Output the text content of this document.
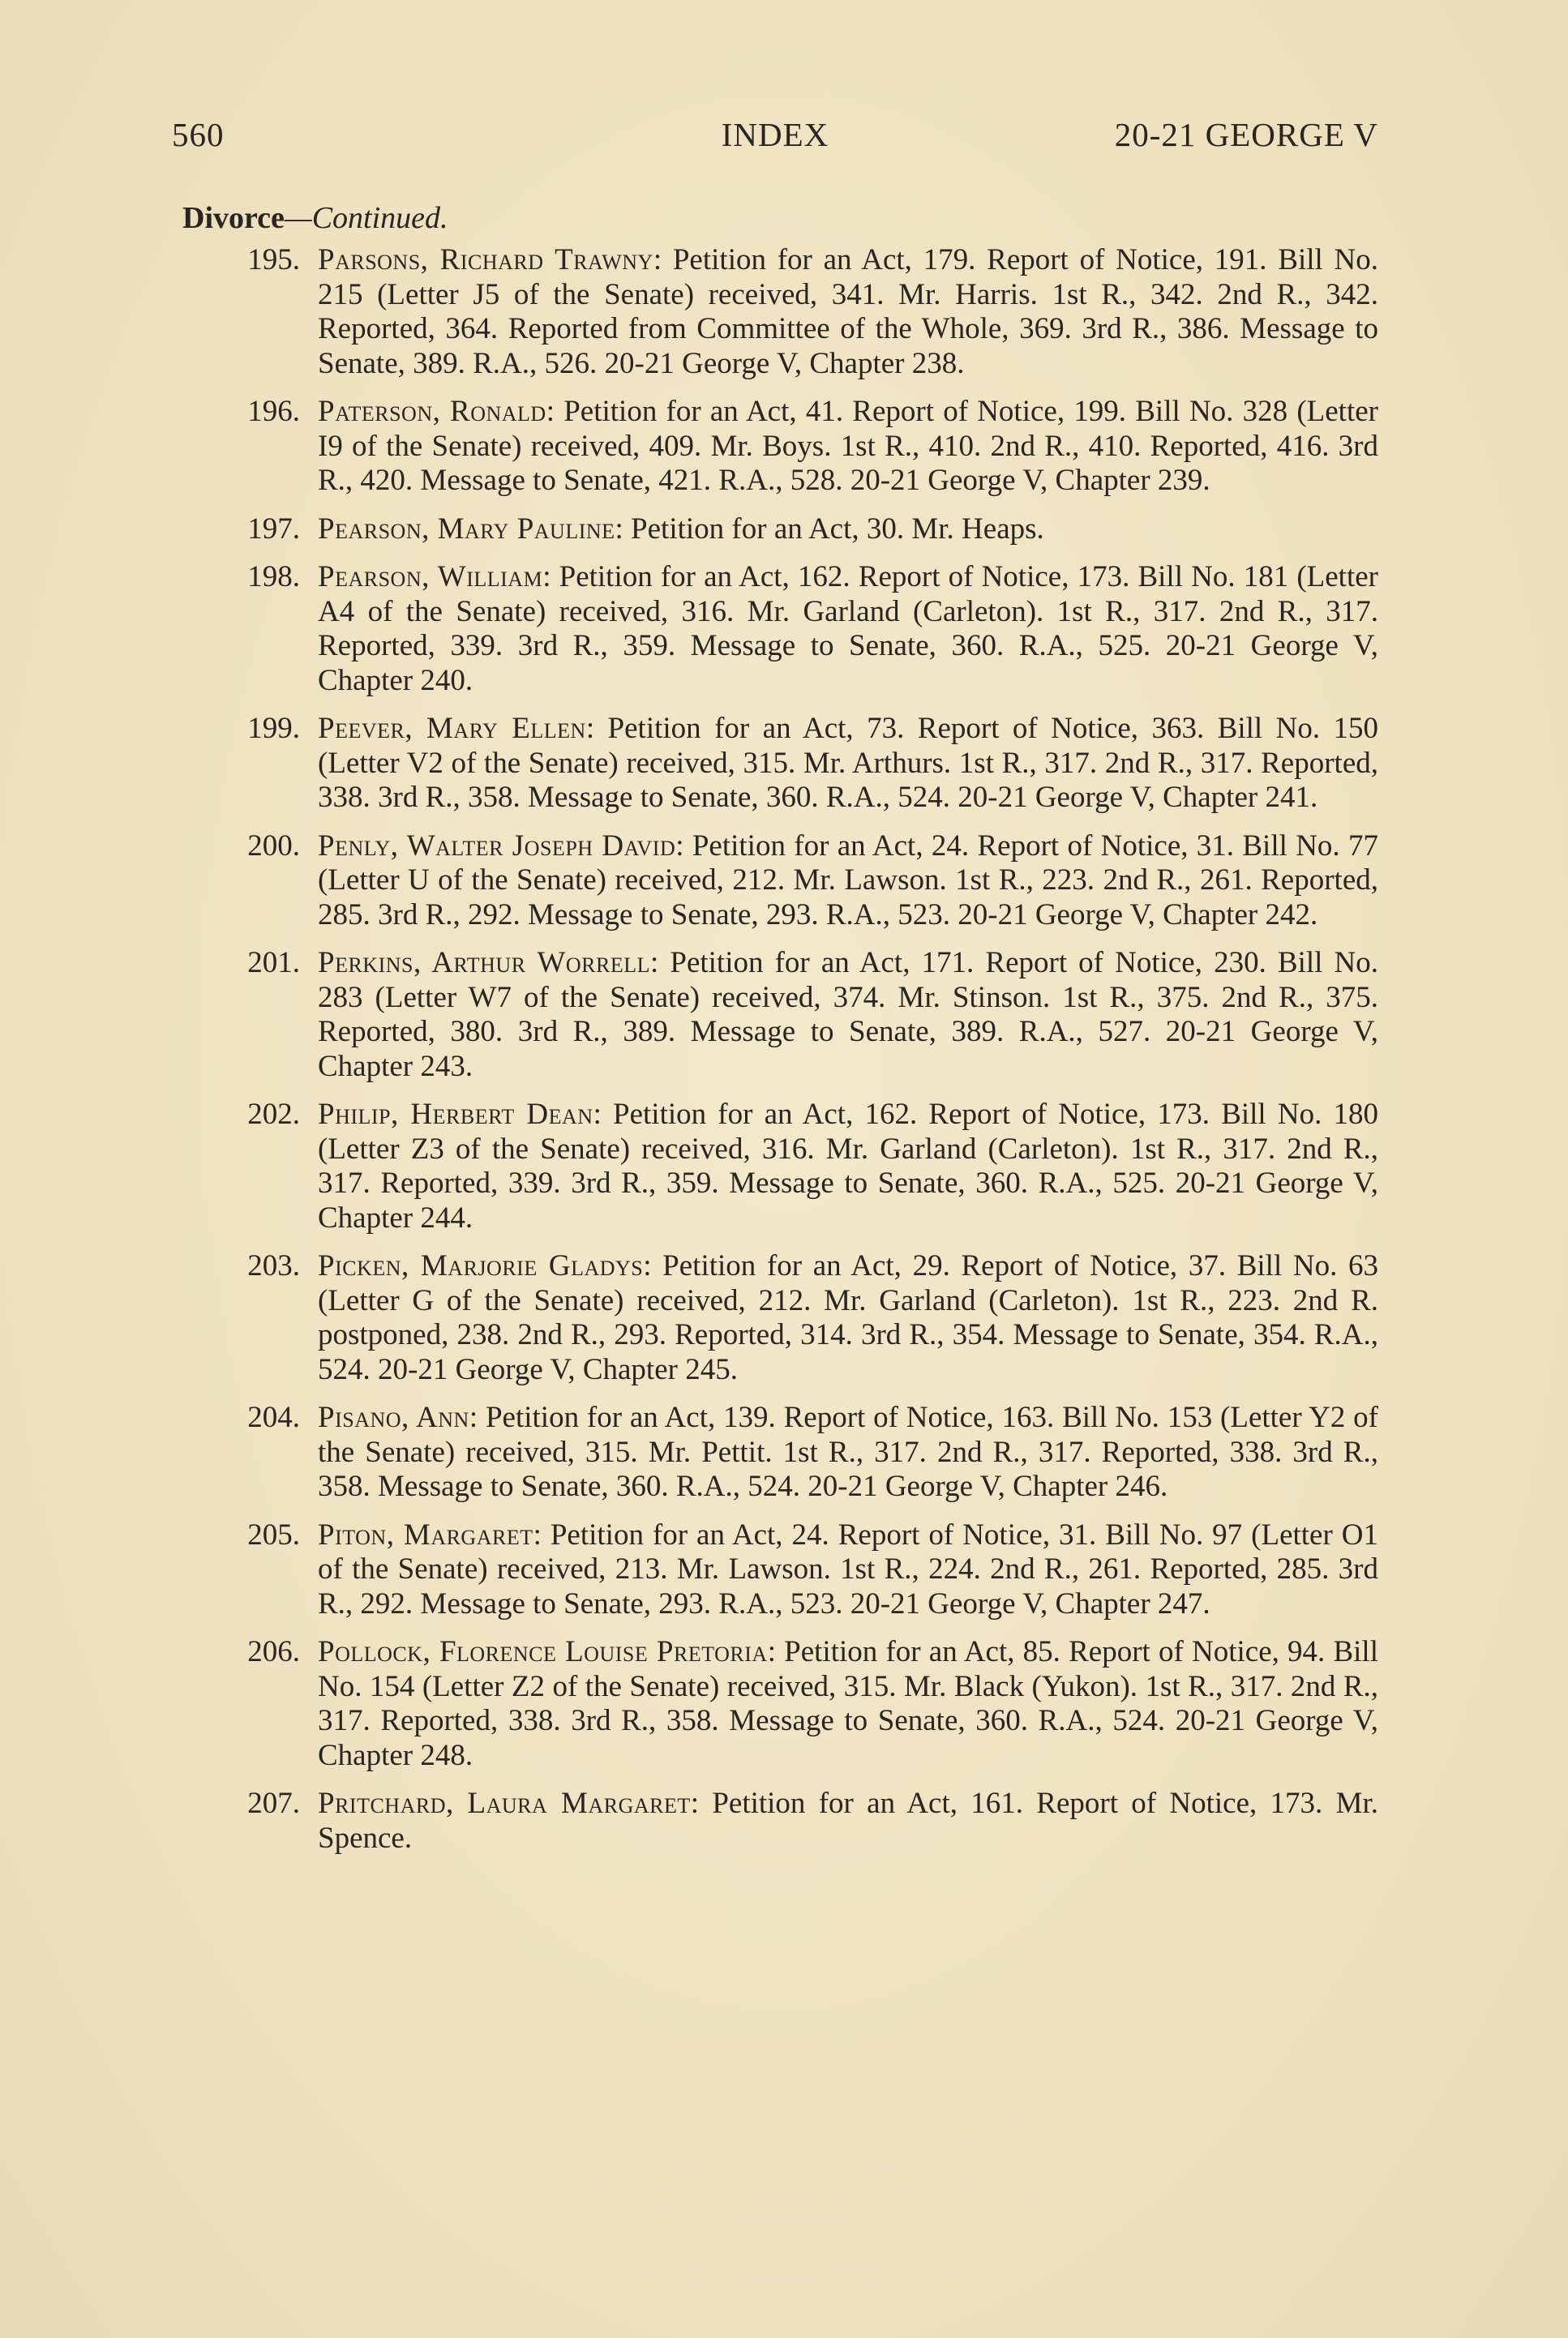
560	INDEX	20-21 GEORGE V
Divorce—Continued.
195. Parsons, Richard Trawny: Petition for an Act, 179. Report of Notice, 191. Bill No. 215 (Letter J5 of the Senate) received, 341. Mr. Harris. 1st R., 342. 2nd R., 342. Reported, 364. Reported from Committee of the Whole, 369. 3rd R., 386. Message to Senate, 389. R.A., 526. 20-21 George V, Chapter 238.
196. Paterson, Ronald: Petition for an Act, 41. Report of Notice, 199. Bill No. 328 (Letter I9 of the Senate) received, 409. Mr. Boys. 1st R., 410. 2nd R., 410. Reported, 416. 3rd R., 420. Message to Senate, 421. R.A., 528. 20-21 George V, Chapter 239.
197. Pearson, Mary Pauline: Petition for an Act, 30. Mr. Heaps.
198. Pearson, William: Petition for an Act, 162. Report of Notice, 173. Bill No. 181 (Letter A4 of the Senate) received, 316. Mr. Garland (Carleton). 1st R., 317. 2nd R., 317. Reported, 339. 3rd R., 359. Message to Senate, 360. R.A., 525. 20-21 George V, Chapter 240.
199. Peever, Mary Ellen: Petition for an Act, 73. Report of Notice, 363. Bill No. 150 (Letter V2 of the Senate) received, 315. Mr. Arthurs. 1st R., 317. 2nd R., 317. Reported, 338. 3rd R., 358. Message to Senate, 360. R.A., 524. 20-21 George V, Chapter 241.
200. Penly, Walter Joseph David: Petition for an Act, 24. Report of Notice, 31. Bill No. 77 (Letter U of the Senate) received, 212. Mr. Lawson. 1st R., 223. 2nd R., 261. Reported, 285. 3rd R., 292. Message to Senate, 293. R.A., 523. 20-21 George V, Chapter 242.
201. Perkins, Arthur Worrell: Petition for an Act, 171. Report of Notice, 230. Bill No. 283 (Letter W7 of the Senate) received, 374. Mr. Stinson. 1st R., 375. 2nd R., 375. Reported, 380. 3rd R., 389. Message to Senate, 389. R.A., 527. 20-21 George V, Chapter 243.
202. Philip, Herbert Dean: Petition for an Act, 162. Report of Notice, 173. Bill No. 180 (Letter Z3 of the Senate) received, 316. Mr. Garland (Carleton). 1st R., 317. 2nd R., 317. Reported, 339. 3rd R., 359. Message to Senate, 360. R.A., 525. 20-21 George V, Chapter 244.
203. Picken, Marjorie Gladys: Petition for an Act, 29. Report of Notice, 37. Bill No. 63 (Letter G of the Senate) received, 212. Mr. Garland (Carleton). 1st R., 223. 2nd R. postponed, 238. 2nd R., 293. Reported, 314. 3rd R., 354. Message to Senate, 354. R.A., 524. 20-21 George V, Chapter 245.
204. Pisano, Ann: Petition for an Act, 139. Report of Notice, 163. Bill No. 153 (Letter Y2 of the Senate) received, 315. Mr. Pettit. 1st R., 317. 2nd R., 317. Reported, 338. 3rd R., 358. Message to Senate, 360. R.A., 524. 20-21 George V, Chapter 246.
205. Piton, Margaret: Petition for an Act, 24. Report of Notice, 31. Bill No. 97 (Letter O1 of the Senate) received, 213. Mr. Lawson. 1st R., 224. 2nd R., 261. Reported, 285. 3rd R., 292. Message to Senate, 293. R.A., 523. 20-21 George V, Chapter 247.
206. Pollock, Florence Louise Pretoria: Petition for an Act, 85. Report of Notice, 94. Bill No. 154 (Letter Z2 of the Senate) received, 315. Mr. Black (Yukon). 1st R., 317. 2nd R., 317. Reported, 338. 3rd R., 358. Message to Senate, 360. R.A., 524. 20-21 George V, Chapter 248.
207. Pritchard, Laura Margaret: Petition for an Act, 161. Report of Notice, 173. Mr. Spence.
